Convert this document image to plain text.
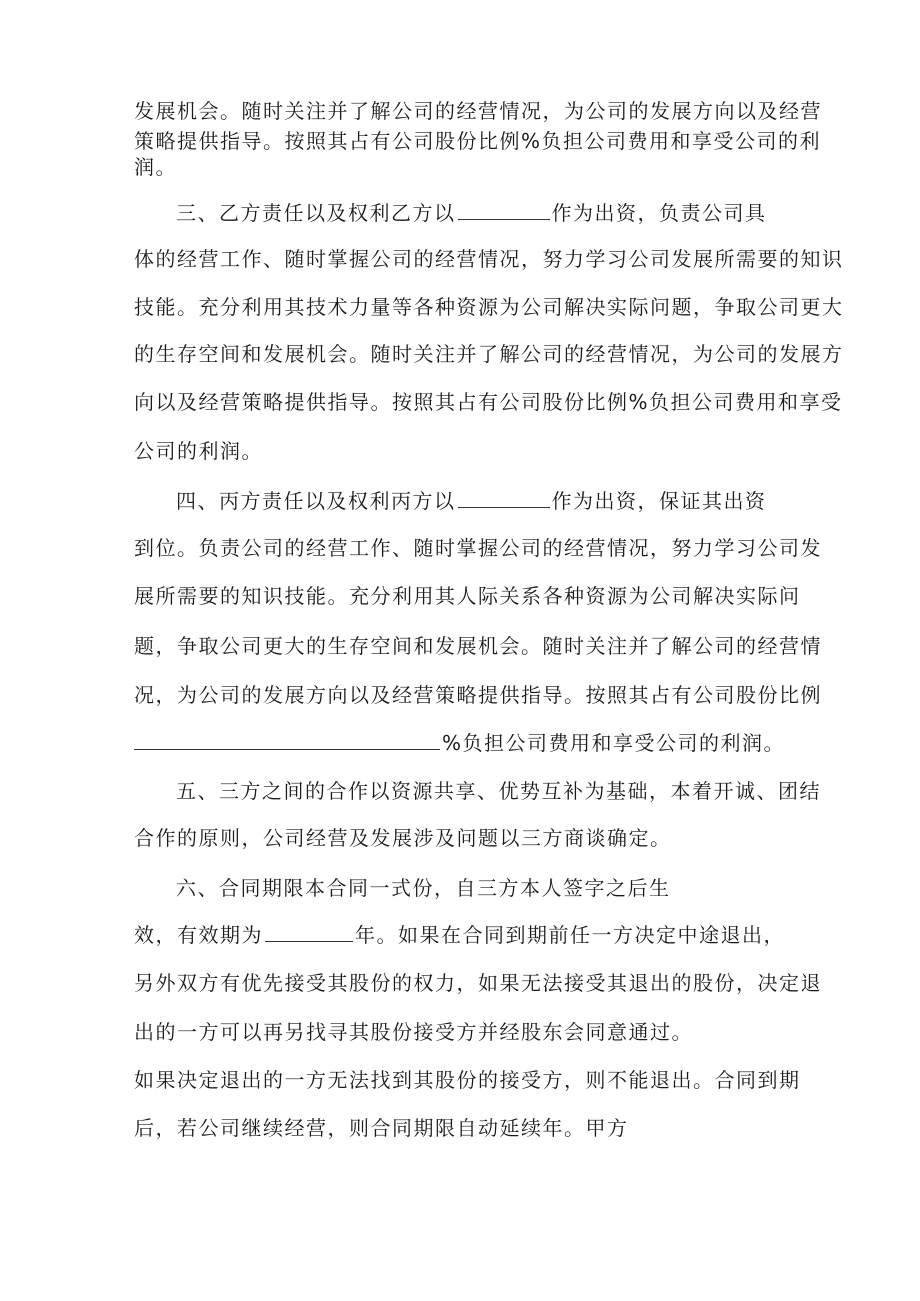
发展机会。随时关注并了解公司的经营情况，为公司的发展方向以及经营
策略提供指导。按照其占有公司股份比例%负担公司费用和享受公司的利
润。
三、乙方责任以及权利乙方以	作为出资，负责公司具
体的经营工作、随时掌握公司的经营情况，努力学习公司发展所需要的知识
技能。充分利用其技术力量等各种资源为公司解决实际问题，争取公司更大
的生存空间和发展机会。随时关注并了解公司的经营情况，为公司的发展方
向以及经营策略提供指导。按照其占有公司股份比例%负担公司费用和享受
公司的利润。
四、丙方责任以及权利丙方以	作为出资，保证其出资
到位。负责公司的经营工作、随时掌握公司的经营情况，努力学习公司发
展所需要的知识技能。充分利用其人际关系各种资源为公司解决实际问
题，争取公司更大的生存空间和发展机会。随时关注并了解公司的经营情
况，为公司的发展方向以及经营策略提供指导。按照其占有公司股份比例
%负担公司费用和享受公司的利润。
五、三方之间的合作以资源共享、优势互补为基础，本着开诚、团结
合作的原则，公司经营及发展涉及问题以三方商谈确定。
六、合同期限本合同一式份，自三方本人签字之后生
效，有效期为	年。如果在合同到期前任一方决定中途退出，
另外双方有优先接受其股份的权力，如果无法接受其退出的股份，决定退
出的一方可以再另找寻其股份接受方并经股东会同意通过。
如果决定退出的一方无法找到其股份的接受方，则不能退出。合同到期
后，若公司继续经营，则合同期限自动延续年。甲方
